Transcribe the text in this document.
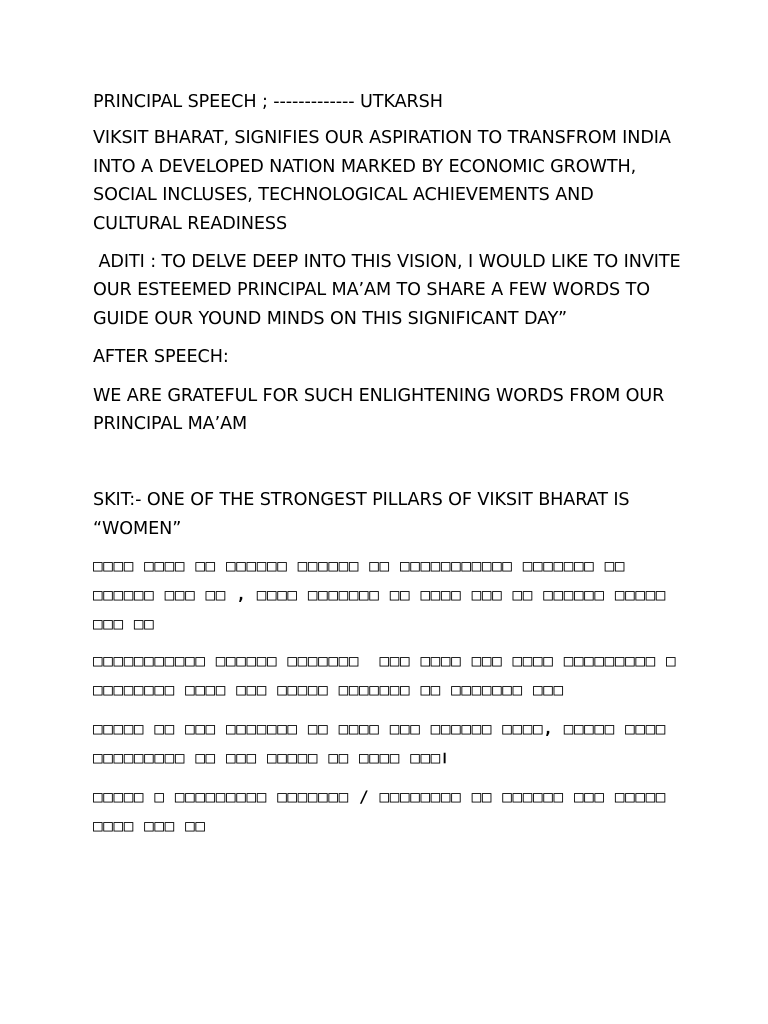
PRINCIPAL SPEECH ; ------------- UTKARSH

VIKSIT BHARAT, SIGNIFIES OUR ASPIRATION TO TRANSFROM INDIA INTO A DEVELOPED NATION MARKED BY ECONOMIC GROWTH, SOCIAL INCLUSES, TECHNOLOGICAL ACHIEVEMENTS AND CULTURAL READINESS

ADITI : TO DELVE DEEP INTO THIS VISION, I WOULD LIKE TO INVITE OUR ESTEEMED PRINCIPAL MA’AM TO SHARE A FEW WORDS TO GUIDE OUR YOUND MINDS ON THIS SIGNIFICANT DAY”

AFTER SPEECH:

WE ARE GRATEFUL FOR SUCH ENLIGHTENING WORDS FROM OUR PRINCIPAL MA’AM

SKIT:- ONE OF THE STRONGEST PILLARS OF VIKSIT BHARAT IS “WOMEN”

□□□□ □□□□ □□ □□□□□□ □□□□□□ □□ □□□□□□□□□□□ □□□□□□□ □□ □□□□□□ □□□ □□ , □□□□ □□□□□□□ □□ □□□□ □□□ □□ □□□□□□ □□□□□ □□□ □□

□□□□□□□□□□□ □□□□□□ □□□□□□□  □□□ □□□□ □□□ □□□□ □□□□□□□□□ □ □□□□□□□□ □□□□ □□□ □□□□□ □□□□□□□ □□ □□□□□□□ □□□

□□□□□ □□ □□□ □□□□□□□ □□ □□□□ □□□ □□□□□□ □□□□, □□□□□ □□□□ □□□□□□□□□ □□ □□□ □□□□□ □□ □□□□ □□□।

□□□□□ □ □□□□□□□□□ □□□□□□□ / □□□□□□□□ □□ □□□□□□ □□□ □□□□□ □□□□ □□□ □□
